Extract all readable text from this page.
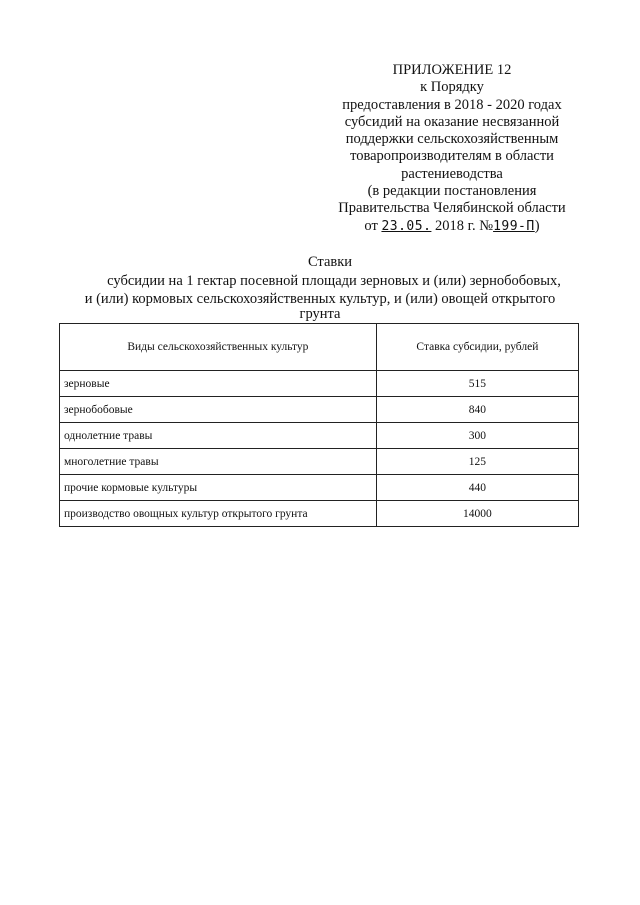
ПРИЛОЖЕНИЕ 12
к Порядку
предоставления в 2018 - 2020 годах
субсидий на оказание несвязанной
поддержки сельскохозяйственным
товаропроизводителям в области
растениеводства
(в редакции постановления
Правительства Челябинской области
от 23.05. 2018 г. №199-П)
Ставки
субсидии на 1 гектар посевной площади зерновых и (или) зернобобовых,
и (или) кормовых сельскохозяйственных культур, и (или) овощей открытого
грунта
Виды сельскохозяйственных культур	Ставка субсидии, рублей
зерновые	515
зернобобовые	840
однолетние травы	300
многолетние травы	125
прочие кормовые культуры	440
производство овощных культур открытого грунта	14000
